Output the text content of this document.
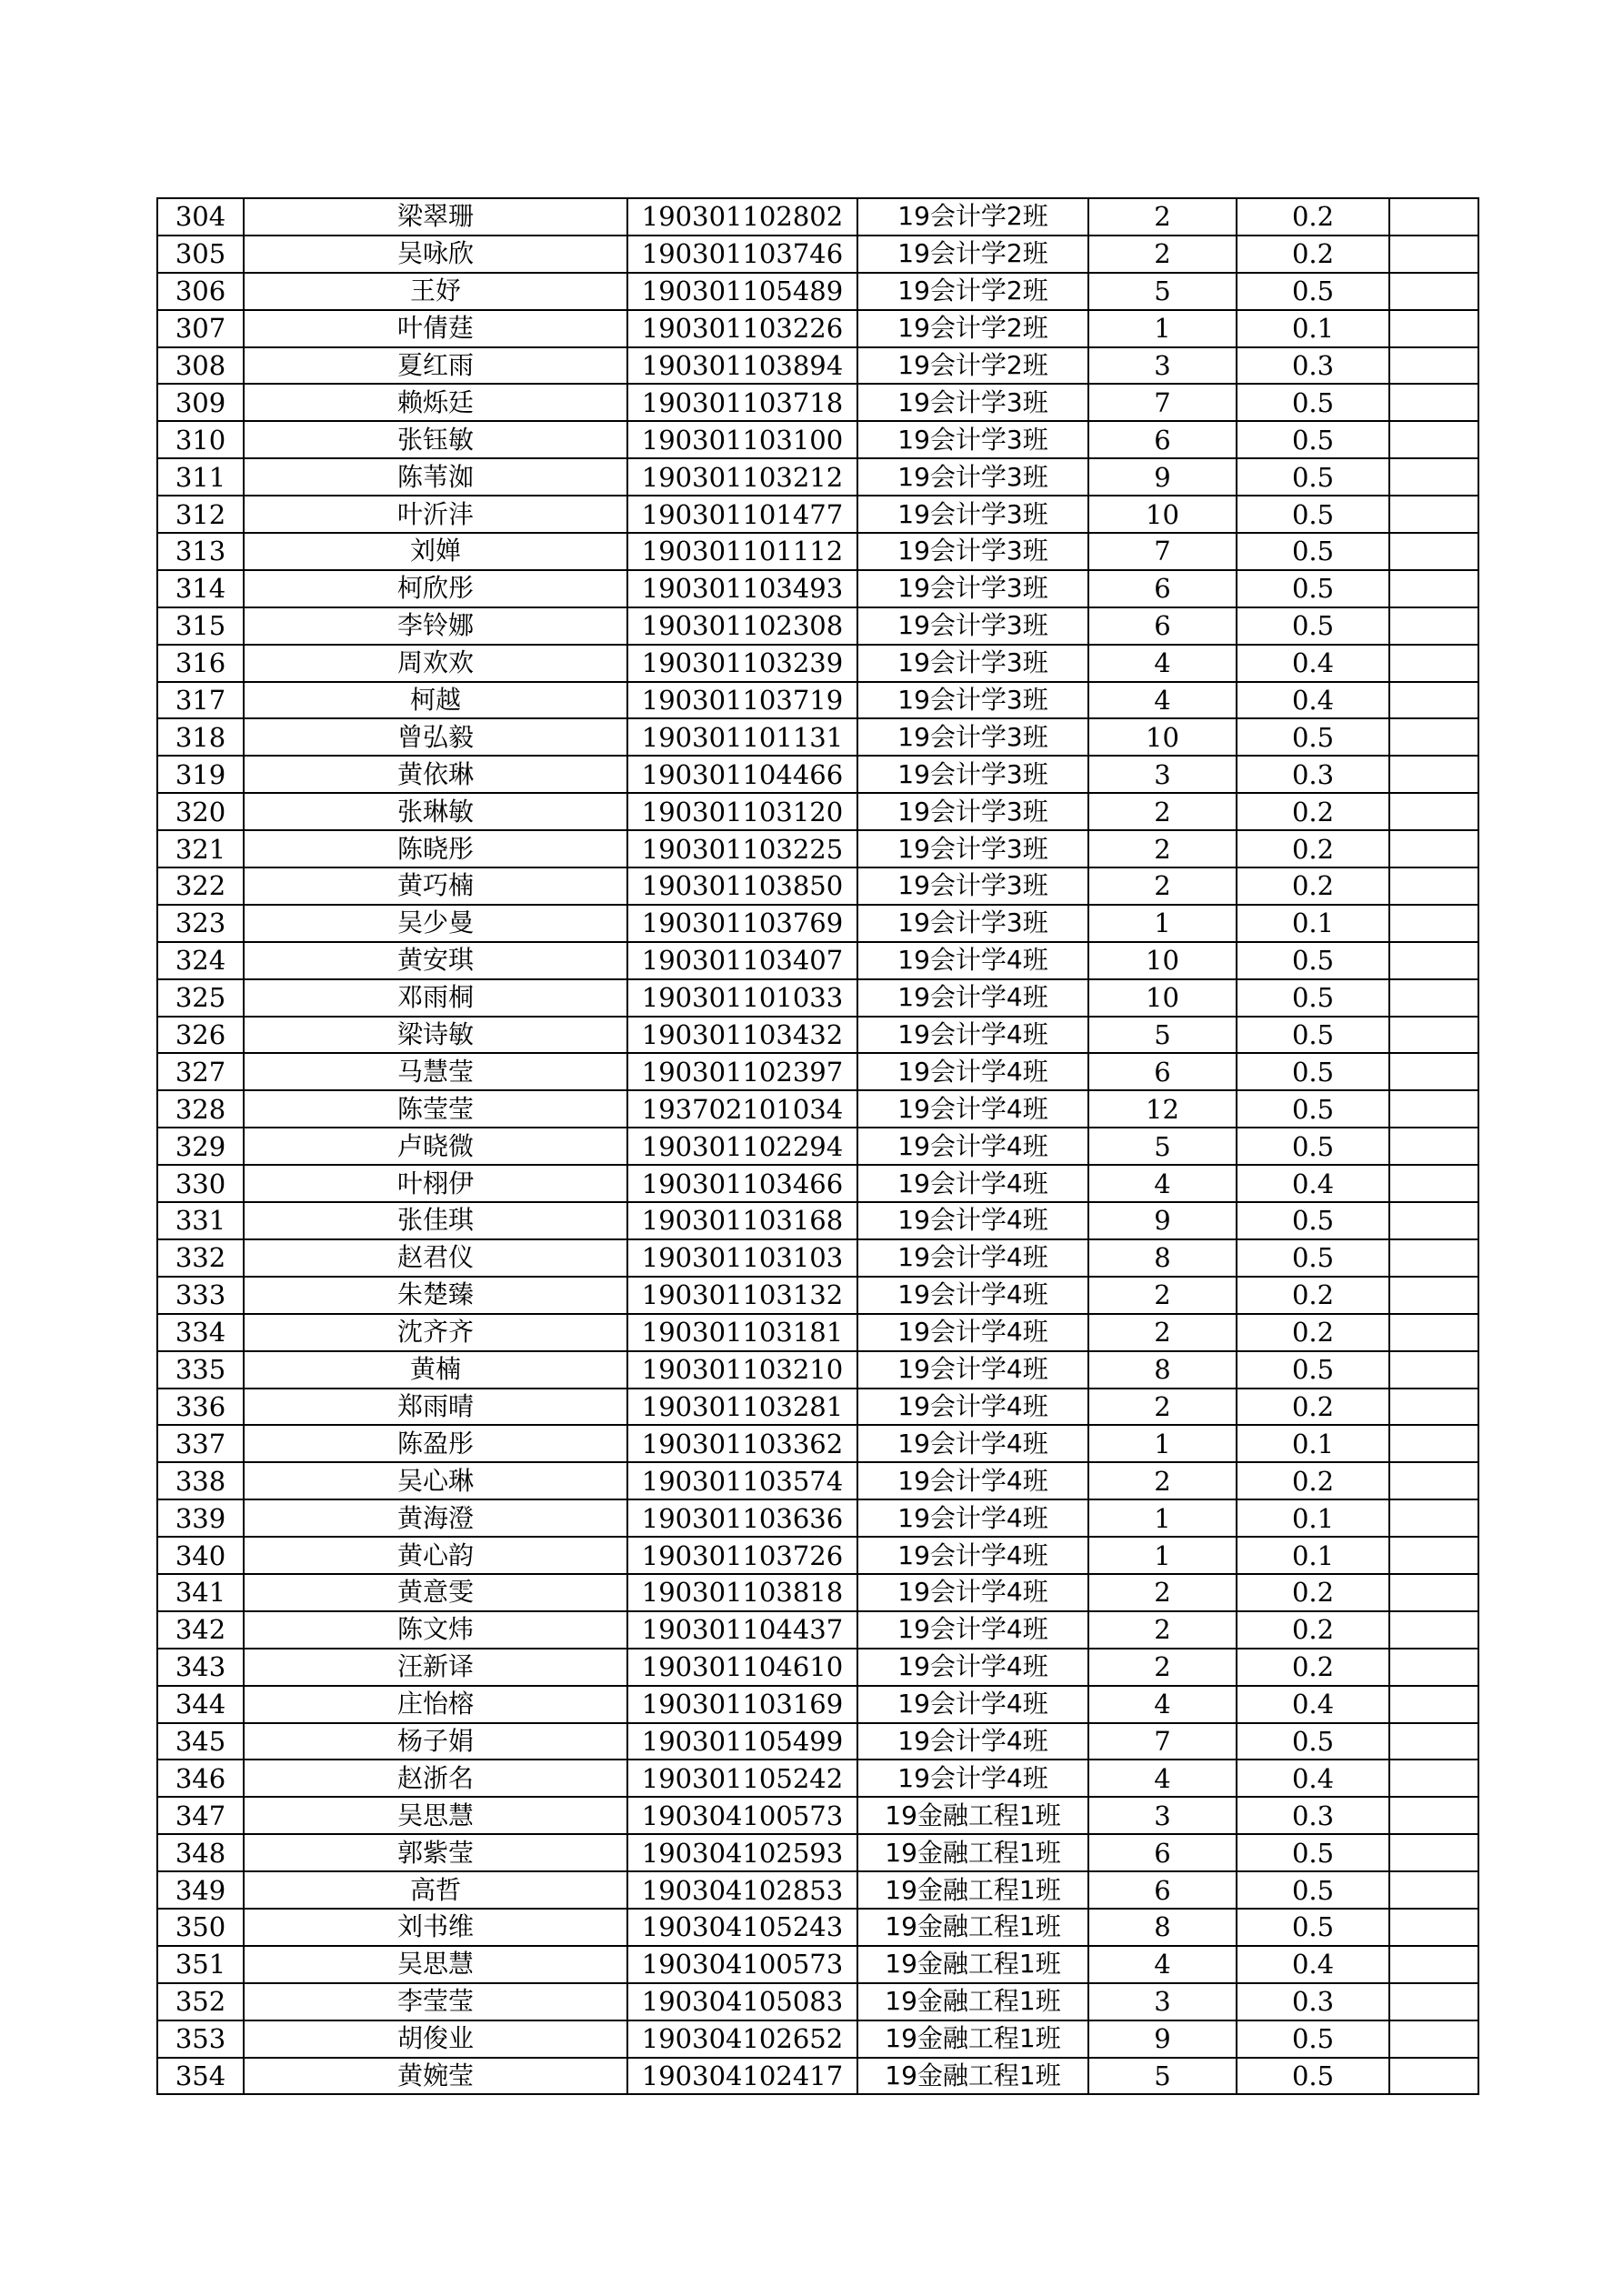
304	梁翠珊	190301102802	19会计学2班	2	0.2	
305	吴咏欣	190301103746	19会计学2班	2	0.2	
306	王妤	190301105489	19会计学2班	5	0.5	
307	叶倩莛	190301103226	19会计学2班	1	0.1	
308	夏红雨	190301103894	19会计学2班	3	0.3	
309	赖烁廷	190301103718	19会计学3班	7	0.5	
310	张钰敏	190301103100	19会计学3班	6	0.5	
311	陈苇洳	190301103212	19会计学3班	9	0.5	
312	叶沂沣	190301101477	19会计学3班	10	0.5	
313	刘婵	190301101112	19会计学3班	7	0.5	
314	柯欣彤	190301103493	19会计学3班	6	0.5	
315	李铃娜	190301102308	19会计学3班	6	0.5	
316	周欢欢	190301103239	19会计学3班	4	0.4	
317	柯越	190301103719	19会计学3班	4	0.4	
318	曾弘毅	190301101131	19会计学3班	10	0.5	
319	黄依琳	190301104466	19会计学3班	3	0.3	
320	张琳敏	190301103120	19会计学3班	2	0.2	
321	陈晓彤	190301103225	19会计学3班	2	0.2	
322	黄巧楠	190301103850	19会计学3班	2	0.2	
323	吴少曼	190301103769	19会计学3班	1	0.1	
324	黄安琪	190301103407	19会计学4班	10	0.5	
325	邓雨桐	190301101033	19会计学4班	10	0.5	
326	梁诗敏	190301103432	19会计学4班	5	0.5	
327	马慧莹	190301102397	19会计学4班	6	0.5	
328	陈莹莹	193702101034	19会计学4班	12	0.5	
329	卢晓微	190301102294	19会计学4班	5	0.5	
330	叶栩伊	190301103466	19会计学4班	4	0.4	
331	张佳琪	190301103168	19会计学4班	9	0.5	
332	赵君仪	190301103103	19会计学4班	8	0.5	
333	朱楚臻	190301103132	19会计学4班	2	0.2	
334	沈齐齐	190301103181	19会计学4班	2	0.2	
335	黄楠	190301103210	19会计学4班	8	0.5	
336	郑雨晴	190301103281	19会计学4班	2	0.2	
337	陈盈彤	190301103362	19会计学4班	1	0.1	
338	吴心琳	190301103574	19会计学4班	2	0.2	
339	黄海澄	190301103636	19会计学4班	1	0.1	
340	黄心韵	190301103726	19会计学4班	1	0.1	
341	黄意雯	190301103818	19会计学4班	2	0.2	
342	陈文炜	190301104437	19会计学4班	2	0.2	
343	汪新译	190301104610	19会计学4班	2	0.2	
344	庄怡榕	190301103169	19会计学4班	4	0.4	
345	杨子娟	190301105499	19会计学4班	7	0.5	
346	赵浙名	190301105242	19会计学4班	4	0.4	
347	吴思慧	190304100573	19金融工程1班	3	0.3	
348	郭紫莹	190304102593	19金融工程1班	6	0.5	
349	高哲	190304102853	19金融工程1班	6	0.5	
350	刘书维	190304105243	19金融工程1班	8	0.5	
351	吴思慧	190304100573	19金融工程1班	4	0.4	
352	李莹莹	190304105083	19金融工程1班	3	0.3	
353	胡俊业	190304102652	19金融工程1班	9	0.5	
354	黄婉莹	190304102417	19金融工程1班	5	0.5	
